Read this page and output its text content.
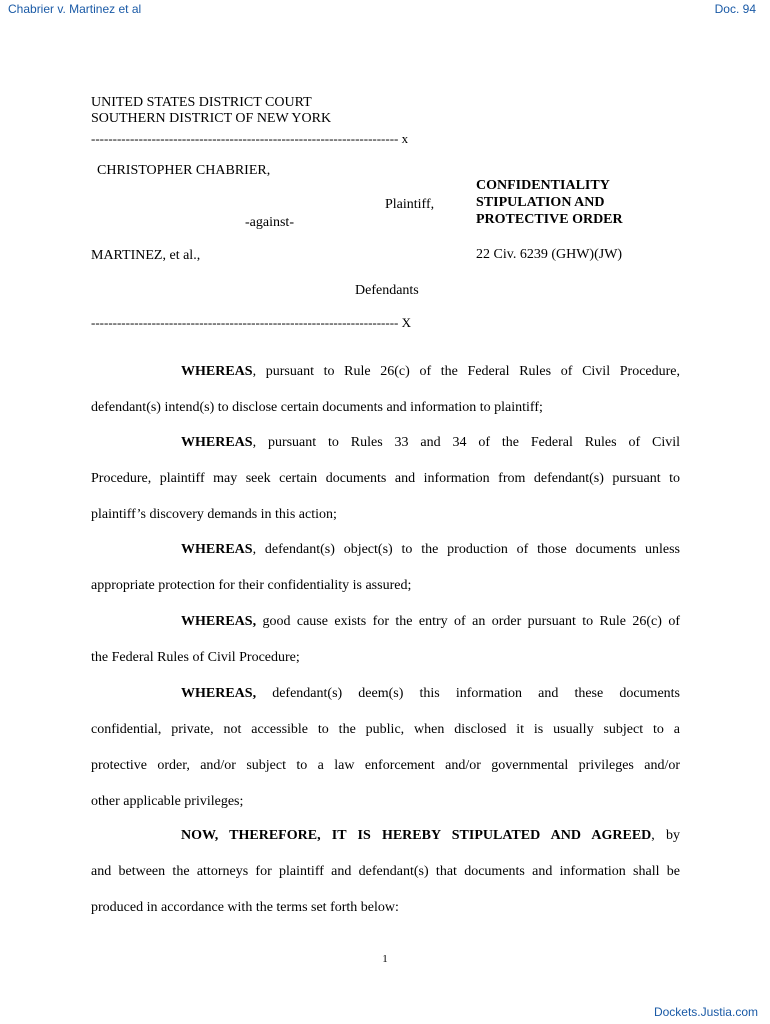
Chabrier v. Martinez et al	Doc. 94
UNITED STATES DISTRICT COURT
SOUTHERN DISTRICT OF NEW YORK
----------------------------------------------------------------------- x
CHRISTOPHER CHABRIER,
Plaintiff,
-against-
MARTINEZ, et al.,
Defendants
----------------------------------------------------------------------- X
CONFIDENTIALITY
STIPULATION AND
PROTECTIVE ORDER
22 Civ. 6239 (GHW)(JW)
WHEREAS, pursuant to Rule 26(c) of the Federal Rules of Civil Procedure,
defendant(s) intend(s) to disclose certain documents and information to plaintiff;
WHEREAS, pursuant to Rules 33 and 34 of the Federal Rules of Civil
Procedure, plaintiff may seek certain documents and information from defendant(s) pursuant to
plaintiff’s discovery demands in this action;
WHEREAS, defendant(s) object(s) to the production of those documents unless
appropriate protection for their confidentiality is assured;
WHEREAS, good cause exists for the entry of an order pursuant to Rule 26(c) of
the Federal Rules of Civil Procedure;
WHEREAS, defendant(s) deem(s) this information and these documents
confidential, private, not accessible to the public, when disclosed it is usually subject to a
protective order, and/or subject to a law enforcement and/or governmental privileges and/or
other applicable privileges;
NOW, THEREFORE, IT IS HEREBY STIPULATED AND AGREED, by
and between the attorneys for plaintiff and defendant(s) that documents and information shall be
produced in accordance with the terms set forth below:
1
Dockets.Justia.com
